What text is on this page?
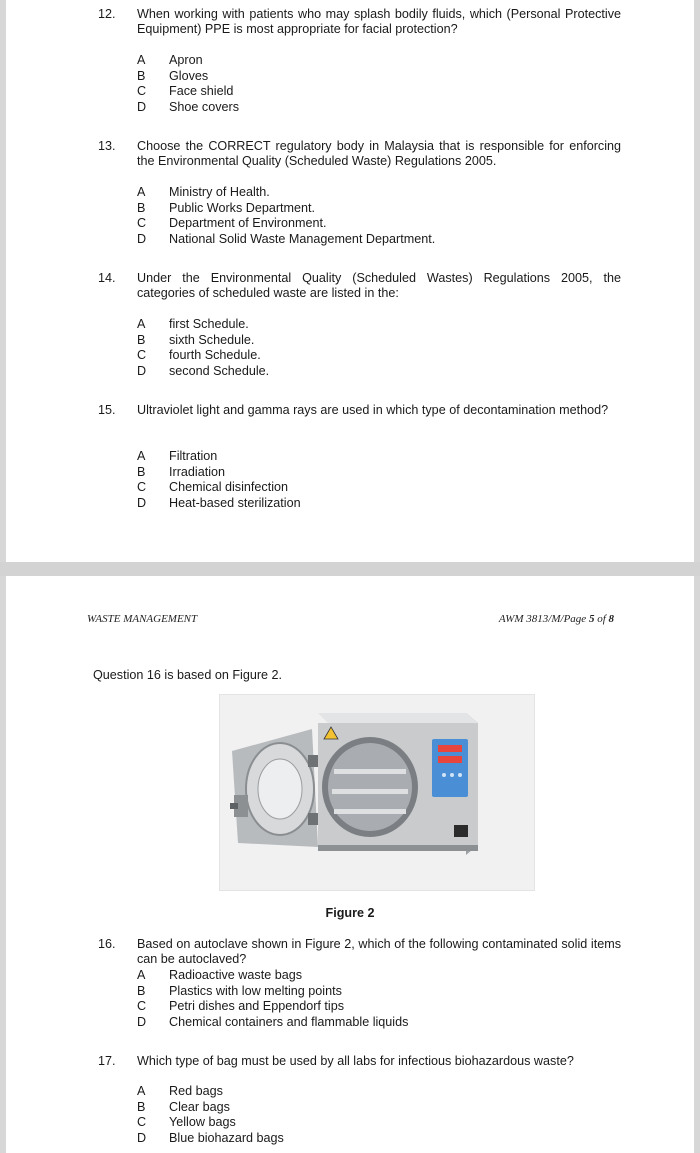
12. When working with patients who may splash bodily fluids, which (Personal Protective Equipment) PPE is most appropriate for facial protection?
A	Apron
B	Gloves
C	Face shield
D	Shoe covers
13. Choose the CORRECT regulatory body in Malaysia that is responsible for enforcing the Environmental Quality (Scheduled Waste) Regulations 2005.
A	Ministry of Health.
B	Public Works Department.
C	Department of Environment.
D	National Solid Waste Management Department.
14. Under the Environmental Quality (Scheduled Wastes) Regulations 2005, the categories of scheduled waste are listed in the:
A	first Schedule.
B	sixth Schedule.
C	fourth Schedule.
D	second Schedule.
15. Ultraviolet light and gamma rays are used in which type of decontamination method?
A	Filtration
B	Irradiation
C	Chemical disinfection
D	Heat-based sterilization
WASTE MANAGEMENT	AWM 3813/M/Page 5 of 8
Question 16 is based on Figure 2.
Figure 2
16. Based on autoclave shown in Figure 2, which of the following contaminated solid items can be autoclaved?
A	Radioactive waste bags
B	Plastics with low melting points
C	Petri dishes and Eppendorf tips
D	Chemical containers and flammable liquids
17. Which type of bag must be used by all labs for infectious biohazardous waste?
A	Red bags
B	Clear bags
C	Yellow bags
D	Blue biohazard bags
